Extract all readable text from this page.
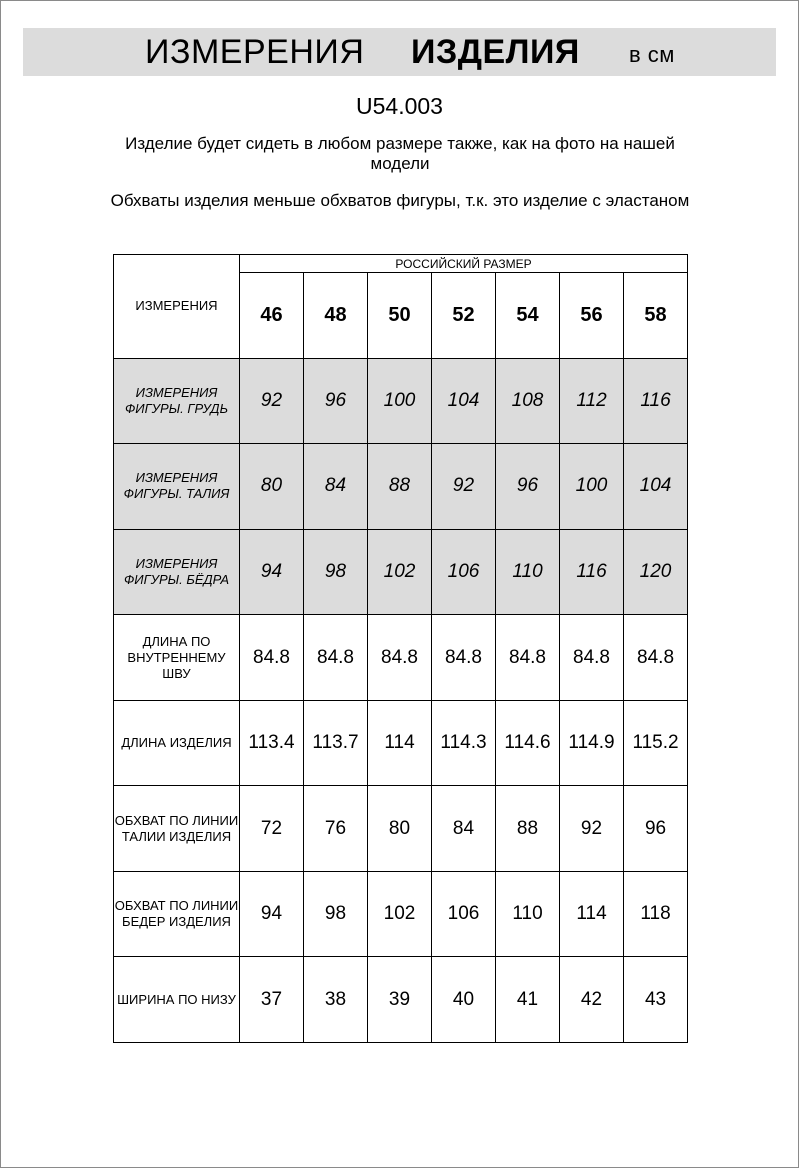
ИЗМЕРЕНИЯ ИЗДЕЛИЯ в см
U54.003
Изделие будет сидеть в любом размере также, как на фото на нашей модели
Обхваты изделия меньше обхватов фигуры, т.к. это изделие с эластаном
ИЗМЕРЕНИЯ	РОССИЙСКИЙ РАЗМЕР						
	46	48	50	52	54	56	58
ИЗМЕРЕНИЯ ФИГУРЫ. ГРУДЬ	92	96	100	104	108	112	116
ИЗМЕРЕНИЯ ФИГУРЫ. ТАЛИЯ	80	84	88	92	96	100	104
ИЗМЕРЕНИЯ ФИГУРЫ. БЁДРА	94	98	102	106	110	116	120
ДЛИНА ПО ВНУТРЕННЕМУ ШВУ	84.8	84.8	84.8	84.8	84.8	84.8	84.8
ДЛИНА ИЗДЕЛИЯ	113.4	113.7	114	114.3	114.6	114.9	115.2
ОБХВАТ ПО ЛИНИИ ТАЛИИ ИЗДЕЛИЯ	72	76	80	84	88	92	96
ОБХВАТ ПО ЛИНИИ БЕДЕР ИЗДЕЛИЯ	94	98	102	106	110	114	118
ШИРИНА ПО НИЗУ	37	38	39	40	41	42	43
